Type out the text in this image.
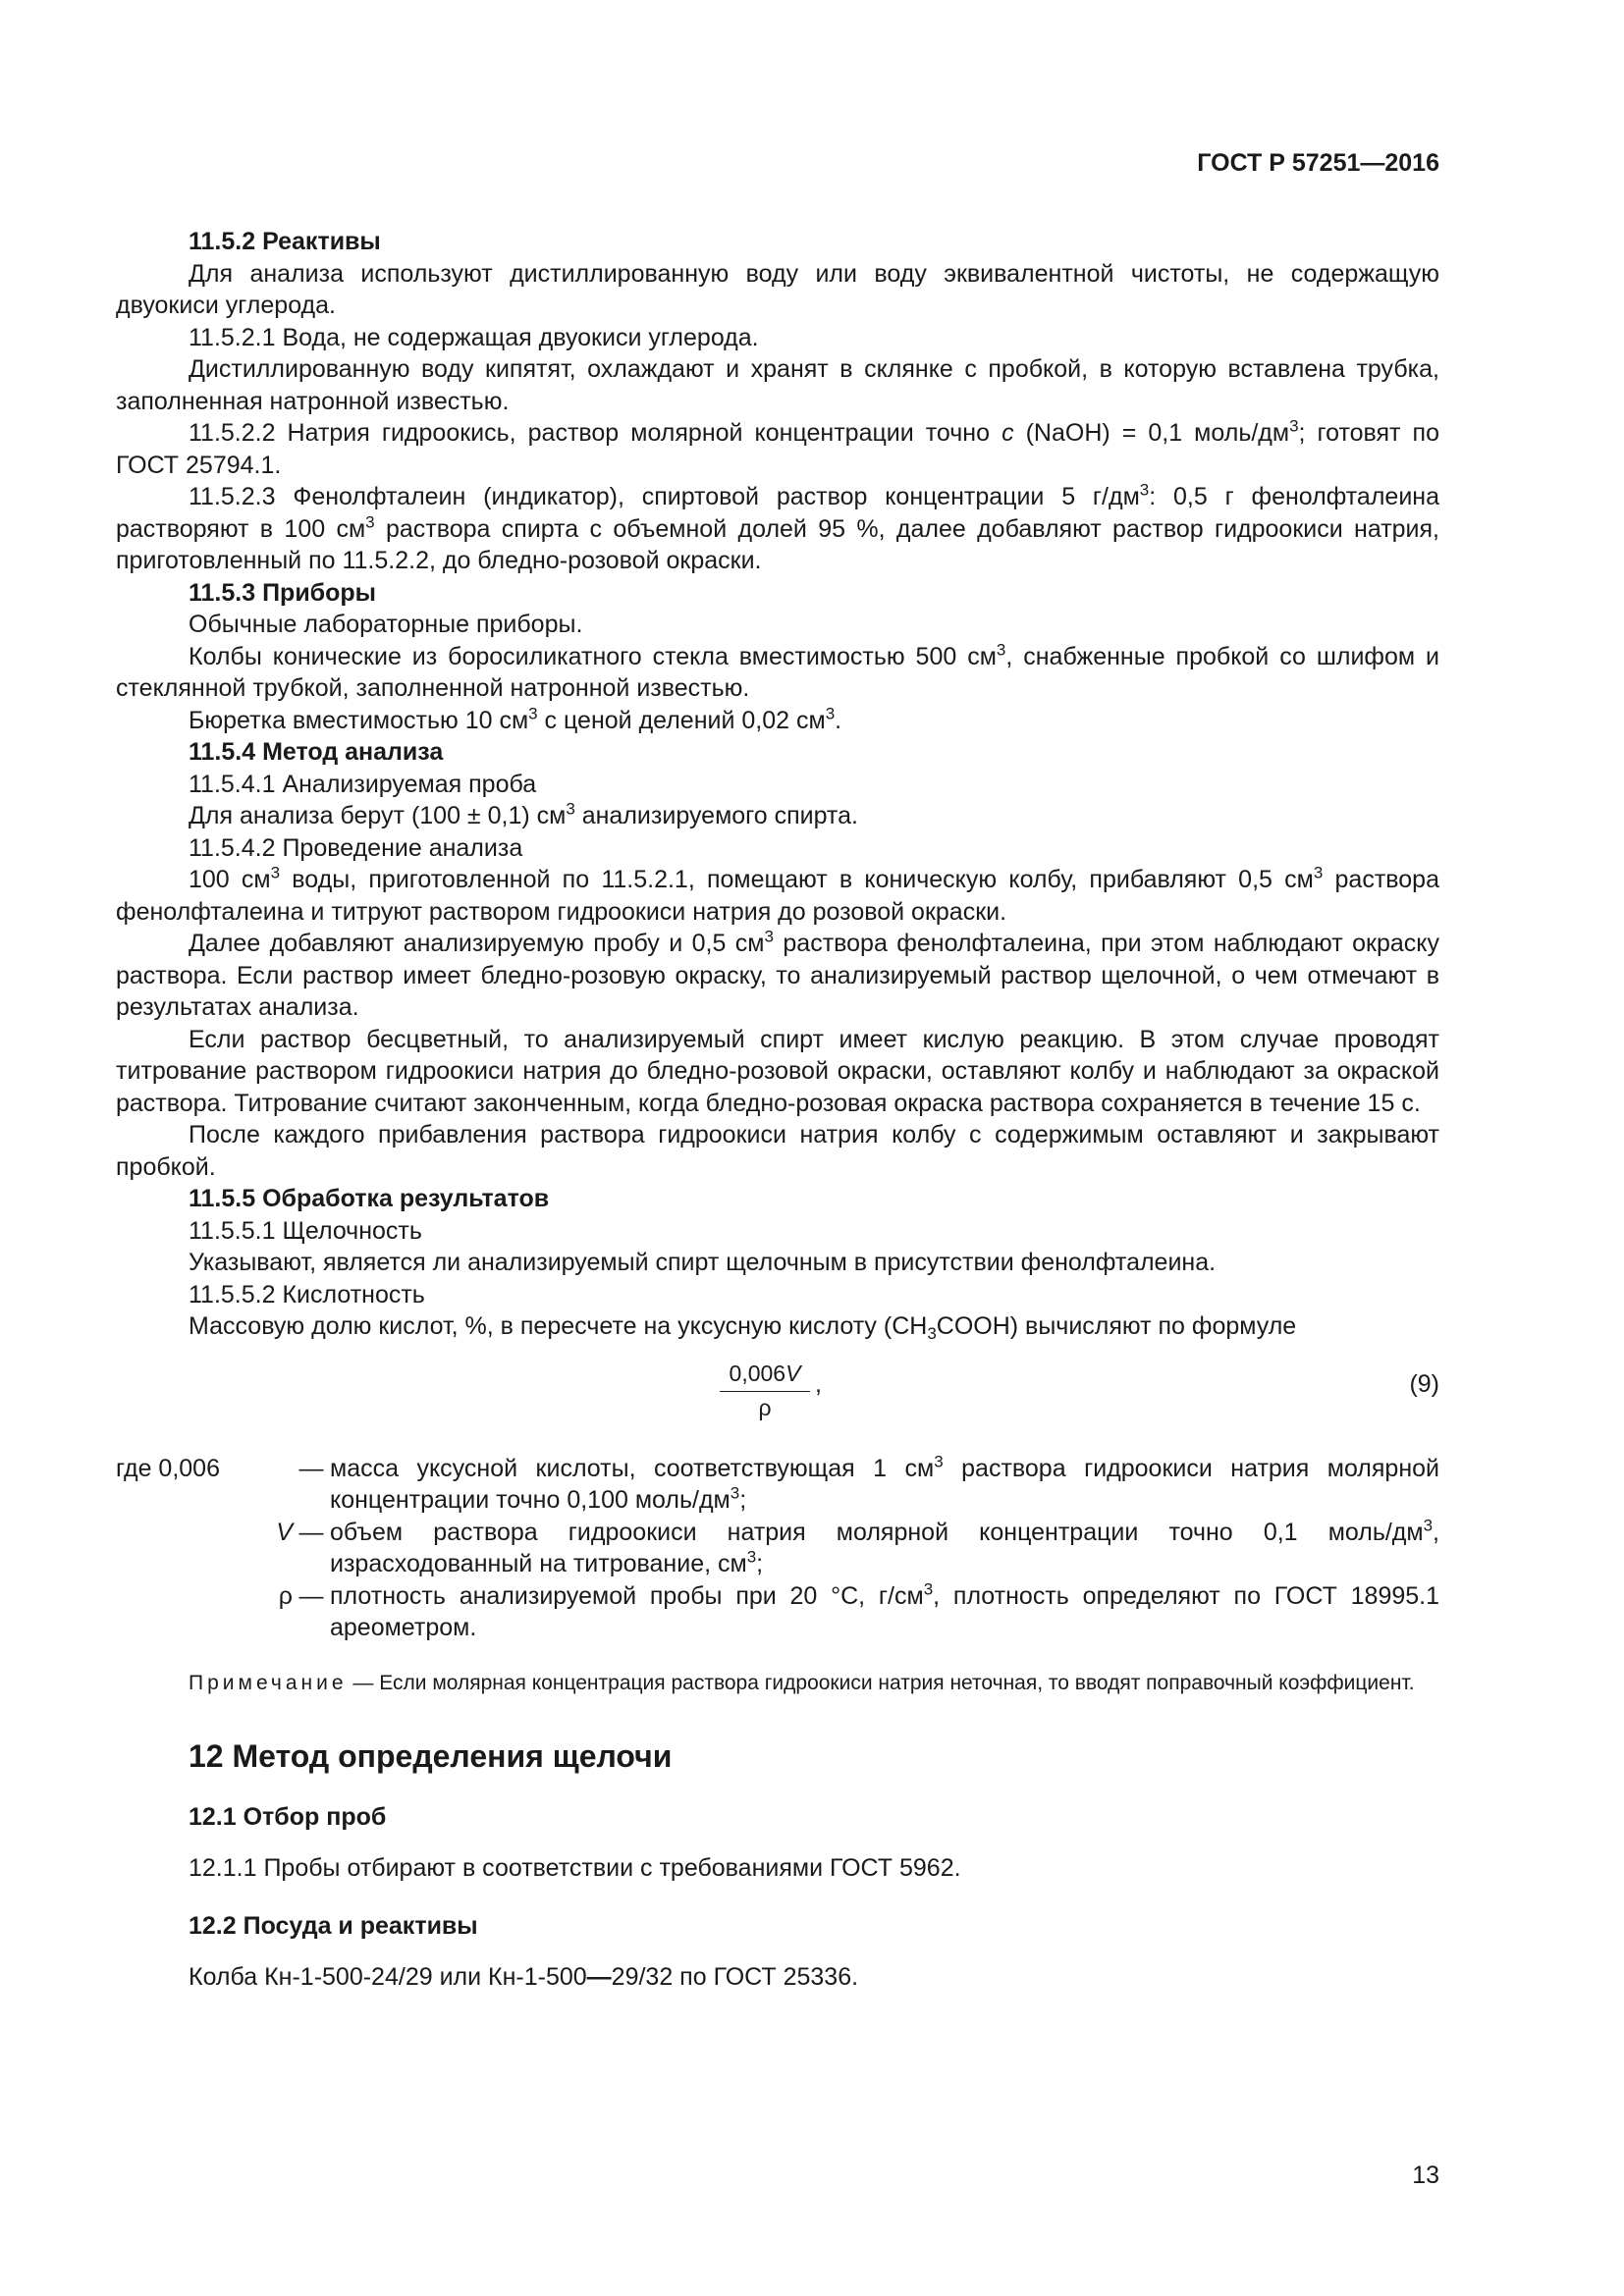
ГОСТ Р 57251—2016

11.5.2 Реактивы

Для анализа используют дистиллированную воду или воду эквивалентной чистоты, не содержащую двуокиси углерода.

11.5.2.1 Вода, не содержащая двуокиси углерода.

Дистиллированную воду кипятят, охлаждают и хранят в склянке с пробкой, в которую вставлена трубка, заполненная натронной известью.

11.5.2.2 Натрия гидроокись, раствор молярной концентрации точно c (NaOH) = 0,1 моль/$дм^3$; готовят по ГОСТ 25794.1.

11.5.2.3 Фенолфталеин (индикатор), спиртовой раствор концентрации 5 $г/дм^3$: 0,5 г фенолфталеина растворяют в 100 $см^3$ раствора спирта с объемной долей 95 %, далее добавляют раствор гидроокиси натрия, приготовленный по 11.5.2.2, до бледно-розовой окраски.

11.5.3 Приборы

Обычные лабораторные приборы.

Колбы конические из боросиликатного стекла вместимостью 500 $см^3$, снабженные пробкой со шлифом и стеклянной трубкой, заполненной натронной известью.

Бюретка вместимостью 10 $см^3$ с ценой делений 0,02 $см^3$.

11.5.4 Метод анализа

11.5.4.1 Анализируемая проба

Для анализа берут (100 ± 0,1) $см^3$ анализируемого спирта.

11.5.4.2 Проведение анализа

100 $см^3$ воды, приготовленной по 11.5.2.1, помещают в коническую колбу, прибавляют 0,5 $см^3$ раствора фенолфталеина и титруют раствором гидроокиси натрия до розовой окраски.

Далее добавляют анализируемую пробу и 0,5 $см^3$ раствора фенолфталеина, при этом наблюдают окраску раствора. Если раствор имеет бледно-розовую окраску, то анализируемый раствор щелочной, о чем отмечают в результатах анализа.

Если раствор бесцветный, то анализируемый спирт имеет кислую реакцию. В этом случае проводят титрование раствором гидроокиси натрия до бледно-розовой окраски, оставляют колбу и наблюдают за окраской раствора. Титрование считают законченным, когда бледно-розовая окраска раствора сохраняется в течение 15 с.

После каждого прибавления раствора гидроокиси натрия колбу с содержимым оставляют и закрывают пробкой.

11.5.5 Обработка результатов

11.5.5.1 Щелочность

Указывают, является ли анализируемый спирт щелочным в присутствии фенолфталеина.

11.5.5.2 Кислотность

Массовую долю кислот, %, в пересчете на уксусную кислоту $(CH_3COOH)$ вычисляют по формуле

$\frac{0,006V}{\rho}$ ,	(9)
где 0,006	— масса уксусной кислоты, соответствующая 1 $см^3$ раствора гидроокиси натрия молярной концентрации точно 0,100 моль/$дм^3$;
V — объем раствора гидроокиси натрия молярной концентрации точно 0,1 моль/$дм^3$, израсходованный на титрование, $см^3$;
ρ — плотность анализируемой пробы при 20 °С, $г/см^3$, плотность определяют по ГОСТ 18995.1 ареометром.

Примечание — Если молярная концентрация раствора гидроокиси натрия неточная, то вводят поправочный коэффициент.

12 Метод определения щелочи

12.1 Отбор проб

12.1.1 Пробы отбирают в соответствии с требованиями ГОСТ 5962.

12.2 Посуда и реактивы

Колба Кн-1-500-24/29 или Кн-1-500—29/32 по ГОСТ 25336.

13
